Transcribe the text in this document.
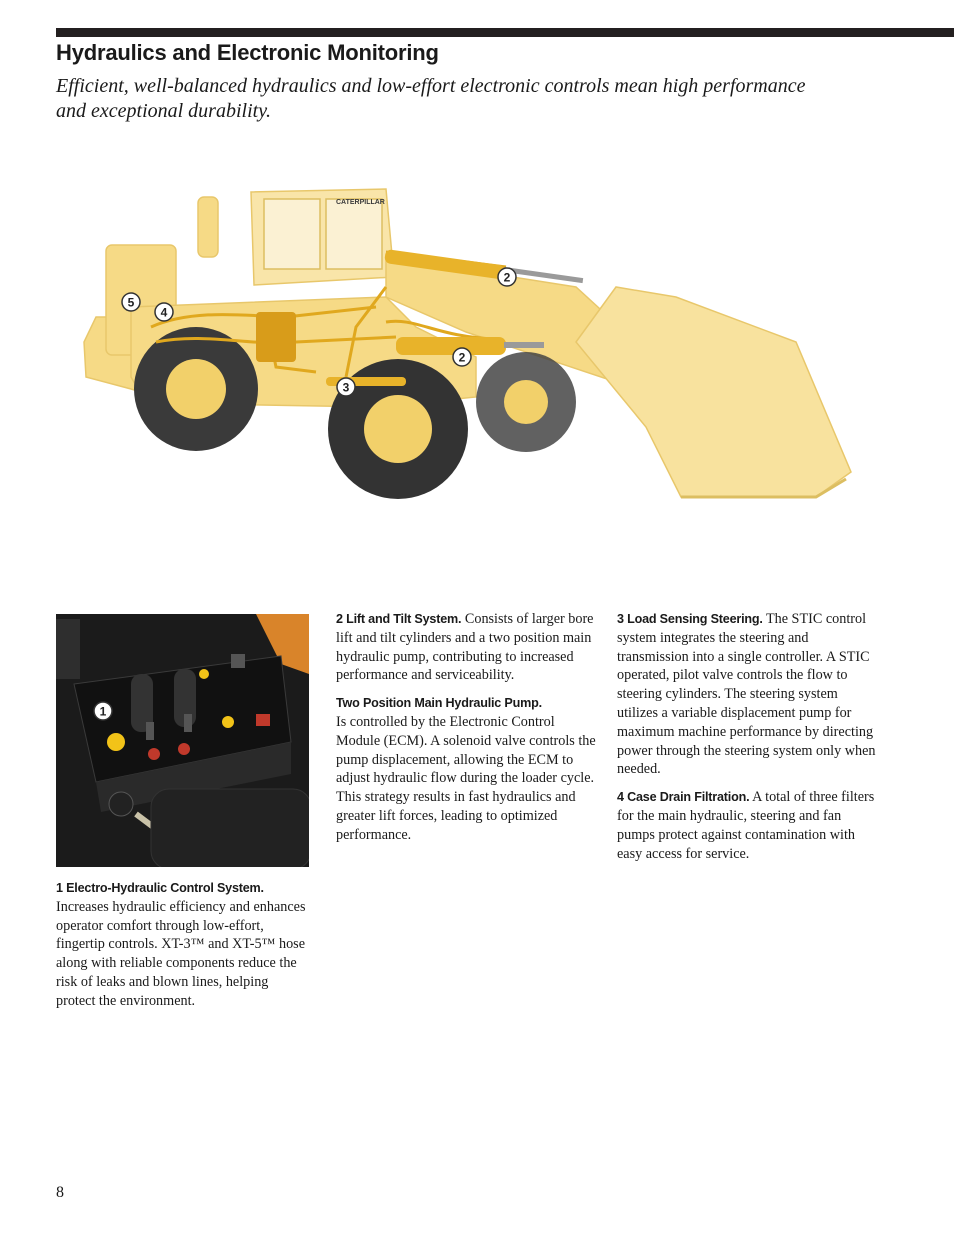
Hydraulics and Electronic Monitoring

Efficient, well-balanced hydraulics and low-effort electronic controls mean high performance and exceptional durability.

CATERPILLAR
5
4
2
2
3
1

1 Electro-Hydraulic Control System.
Increases hydraulic efficiency and enhances operator comfort through low-effort, fingertip controls. XT-3™ and XT-5™ hose along with reliable components reduce the risk of leaks and blown lines, helping protect the environment.

2 Lift and Tilt System. Consists of larger bore lift and tilt cylinders and a two position main hydraulic pump, contributing to increased performance and serviceability.

Two Position Main Hydraulic Pump.
Is controlled by the Electronic Control Module (ECM). A solenoid valve controls the pump displacement, allowing the ECM to adjust hydraulic flow during the loader cycle. This strategy results in fast hydraulics and greater lift forces, leading to optimized performance.

3 Load Sensing Steering. The STIC control system integrates the steering and transmission into a single controller. A STIC operated, pilot valve controls the flow to steering cylinders. The steering system utilizes a variable displacement pump for maximum machine performance by directing power through the steering system only when needed.

4 Case Drain Filtration. A total of three filters for the main hydraulic, steering and fan pumps protect against contamination with easy access for service.

8
